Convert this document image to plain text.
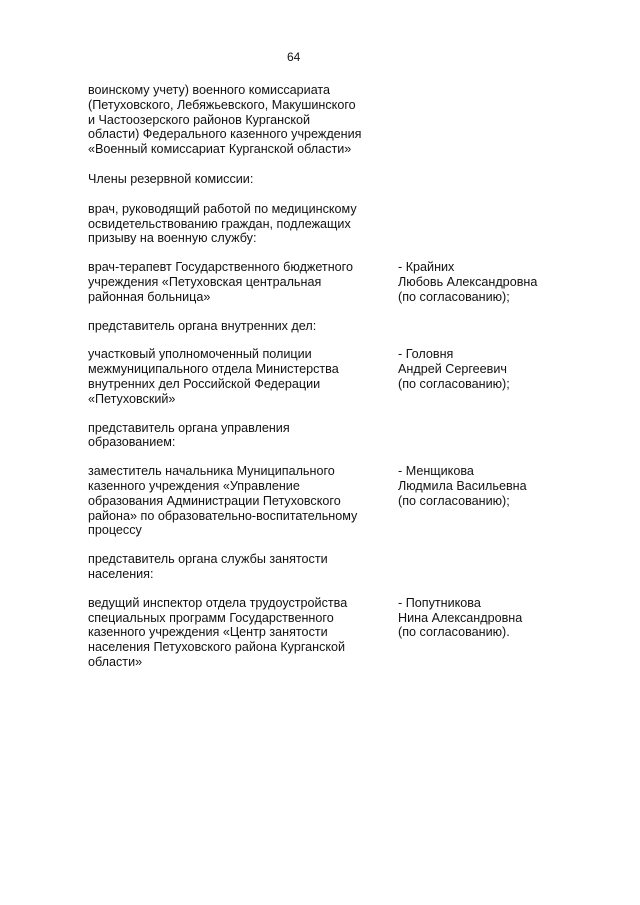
64
воинскому учету) военного комиссариата
(Петуховского, Лебяжьевского, Макушинского
и Частоозерского районов Курганской
области) Федерального казенного учреждения
«Военный комиссариат Курганской области»
Члены резервной комиссии:
врач, руководящий работой по медицинскому
освидетельствованию граждан, подлежащих
призыву на военную службу:
врач-терапевт Государственного бюджетного
учреждения «Петуховская центральная
районная больница»
- Крайних
Любовь Александровна
(по согласованию);
представитель органа внутренних дел:
участковый уполномоченный полиции
межмуниципального отдела Министерства
внутренних дел Российской Федерации
«Петуховский»
- Головня
Андрей Сергеевич
(по согласованию);
представитель органа управления
образованием:
заместитель начальника Муниципального
казенного учреждения «Управление
образования Администрации Петуховского
района» по образовательно-воспитательному
процессу
- Менщикова
Людмила Васильевна
(по согласованию);
представитель органа службы занятости
населения:
ведущий инспектор отдела трудоустройства
специальных программ Государственного
казенного учреждения «Центр занятости
населения Петуховского района Курганской
области»
- Попутникова
Нина Александровна
(по согласованию).
